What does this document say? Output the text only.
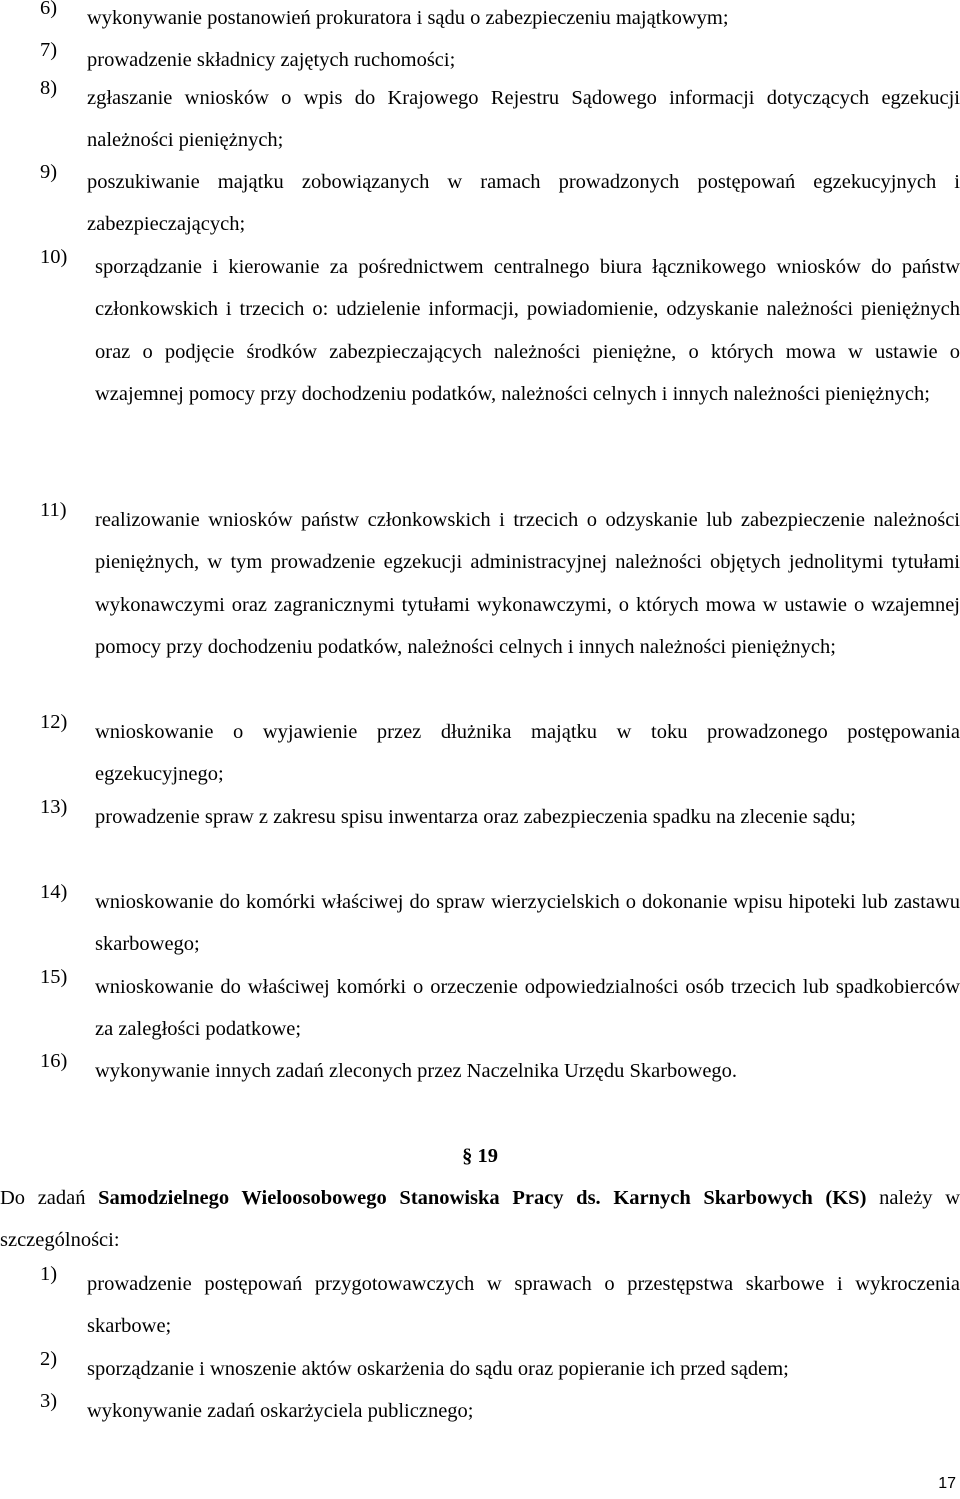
6) wykonywanie postanowień prokuratora i sądu o zabezpieczeniu majątkowym;

7) prowadzenie składnicy zajętych ruchomości;

8) zgłaszanie wniosków o wpis do Krajowego Rejestru Sądowego informacji dotyczących egzekucji należności pieniężnych;

9) poszukiwanie majątku zobowiązanych w ramach prowadzonych postępowań egzekucyjnych i zabezpieczających;

10) sporządzanie i kierowanie za pośrednictwem centralnego biura łącznikowego wniosków do państw członkowskich i trzecich o: udzielenie informacji, powiadomienie, odzyskanie należności pieniężnych oraz o podjęcie środków zabezpieczających należności pieniężne, o których mowa w ustawie o wzajemnej pomocy przy dochodzeniu podatków, należności celnych i innych należności pieniężnych;

11) realizowanie wniosków państw członkowskich i trzecich o odzyskanie lub zabezpieczenie należności pieniężnych, w tym prowadzenie egzekucji administracyjnej należności objętych jednolitymi tytułami wykonawczymi oraz zagranicznymi tytułami wykonawczymi, o których mowa w ustawie o wzajemnej pomocy przy dochodzeniu podatków, należności celnych i innych należności pieniężnych;

12) wnioskowanie o wyjawienie przez dłużnika majątku w toku prowadzonego postępowania egzekucyjnego;

13) prowadzenie spraw z zakresu spisu inwentarza oraz zabezpieczenia spadku na zlecenie sądu;

14) wnioskowanie do komórki właściwej do spraw wierzycielskich o dokonanie wpisu hipoteki lub zastawu skarbowego;

15) wnioskowanie do właściwej komórki o orzeczenie odpowiedzialności osób trzecich lub spadkobierców za zaległości podatkowe;

16) wykonywanie innych zadań zleconych przez Naczelnika Urzędu Skarbowego.

§ 19

Do zadań Samodzielnego Wieloosobowego Stanowiska Pracy ds. Karnych Skarbowych (KS) należy w szczególności:

1) prowadzenie postępowań przygotowawczych w sprawach o przestępstwa skarbowe i wykroczenia skarbowe;

2) sporządzanie i wnoszenie aktów oskarżenia do sądu oraz popieranie ich przed sądem;

3) wykonywanie zadań oskarżyciela publicznego;

17
